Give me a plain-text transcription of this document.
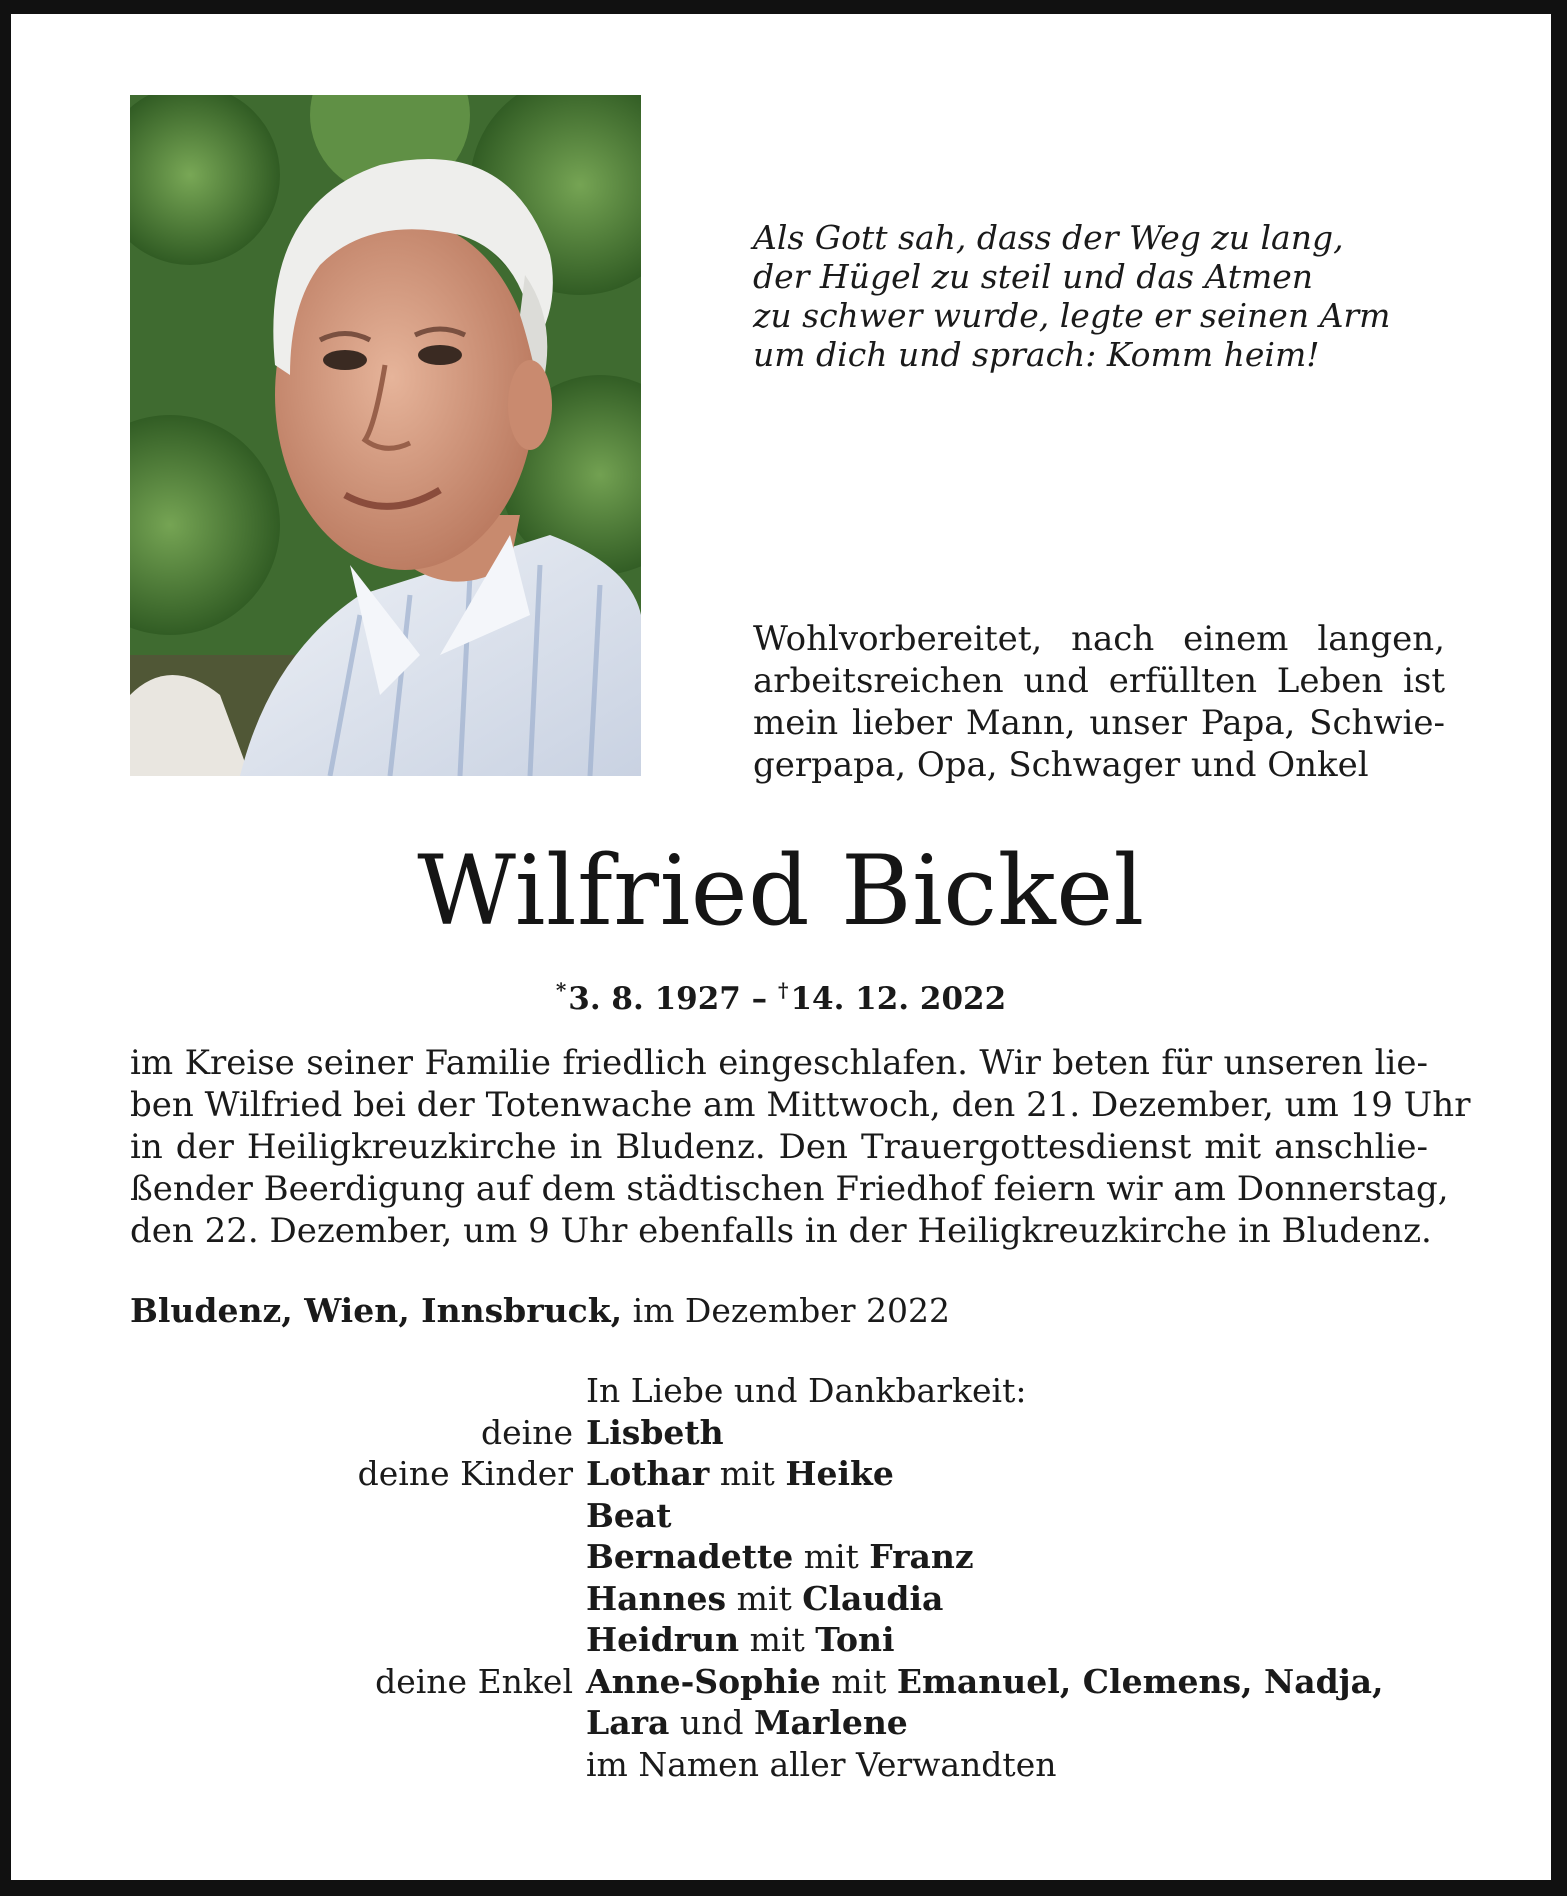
Als Gott sah, dass der Weg zu lang,
der Hügel zu steil und das Atmen
zu schwer wurde, legte er seinen Arm
um dich und sprach: Komm heim!
Wohlvorbereitet, nach einem langen,
arbeitsreichen und erfüllten Leben ist
mein lieber Mann, unser Papa, Schwie-
gerpapa, Opa, Schwager und Onkel
Wilfried Bickel
*3. 8. 1927 – †14. 12. 2022
im Kreise seiner Familie friedlich eingeschlafen. Wir beten für unseren lie-
ben Wilfried bei der Totenwache am Mittwoch, den 21. Dezember, um 19 Uhr
in der Heiligkreuzkirche in Bludenz. Den Trauergottesdienst mit anschlie-
ßender Beerdigung auf dem städtischen Friedhof feiern wir am Donnerstag,
den 22. Dezember, um 9 Uhr ebenfalls in der Heiligkreuzkirche in Bludenz.
Bludenz, Wien, Innsbruck, im Dezember 2022
In Liebe und Dankbarkeit:
deine Lisbeth
deine Kinder Lothar mit Heike
Beat
Bernadette mit Franz
Hannes mit Claudia
Heidrun mit Toni
deine Enkel Anne-Sophie mit Emanuel, Clemens, Nadja,
Lara und Marlene
im Namen aller Verwandten
